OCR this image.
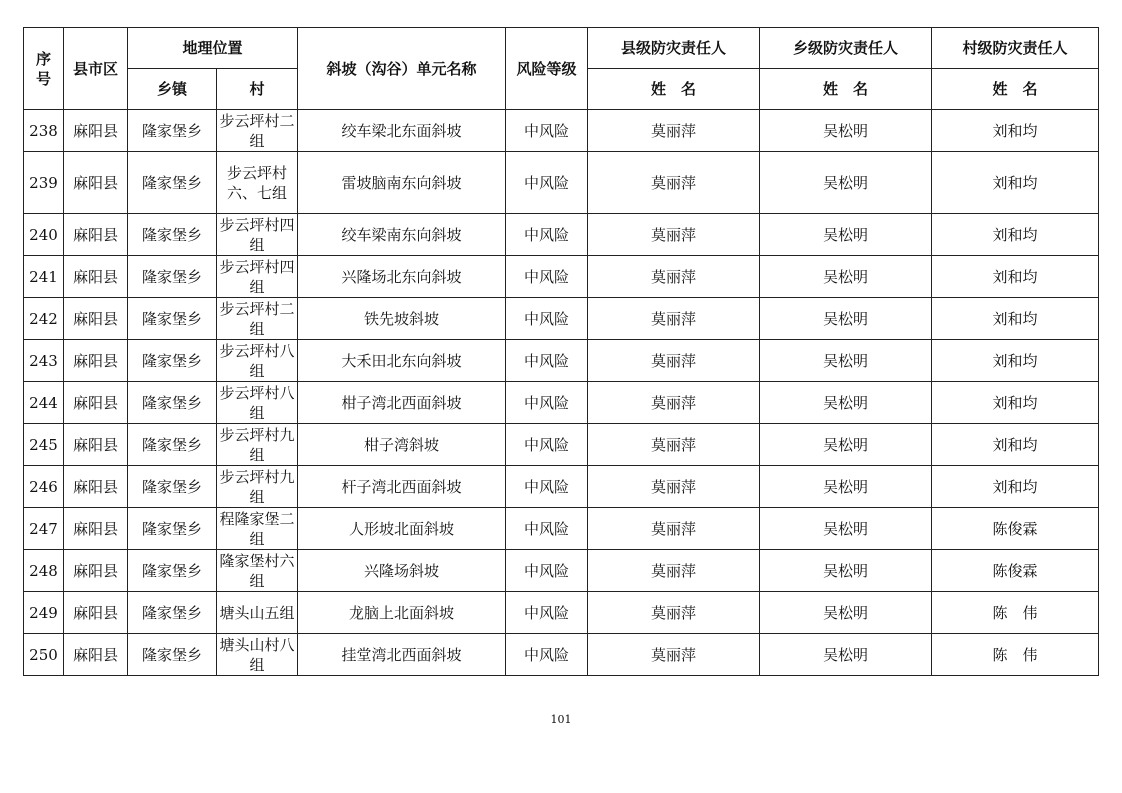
序号	县市区	地理位置		斜坡（沟谷）单元名称	风险等级	县级防灾责任人	乡级防灾责任人	村级防灾责任人
		乡镇	村			姓　名	姓　名	姓　名
238	麻阳县	隆家堡乡	步云坪村二组	绞车梁北东面斜坡	中风险	莫丽萍	吴松明	刘和均
239	麻阳县	隆家堡乡	步云坪村六、七组	雷坡脑南东向斜坡	中风险	莫丽萍	吴松明	刘和均
240	麻阳县	隆家堡乡	步云坪村四组	绞车梁南东向斜坡	中风险	莫丽萍	吴松明	刘和均
241	麻阳县	隆家堡乡	步云坪村四组	兴隆场北东向斜坡	中风险	莫丽萍	吴松明	刘和均
242	麻阳县	隆家堡乡	步云坪村二组	铁先坡斜坡	中风险	莫丽萍	吴松明	刘和均
243	麻阳县	隆家堡乡	步云坪村八组	大禾田北东向斜坡	中风险	莫丽萍	吴松明	刘和均
244	麻阳县	隆家堡乡	步云坪村八组	柑子湾北西面斜坡	中风险	莫丽萍	吴松明	刘和均
245	麻阳县	隆家堡乡	步云坪村九组	柑子湾斜坡	中风险	莫丽萍	吴松明	刘和均
246	麻阳县	隆家堡乡	步云坪村九组	杆子湾北西面斜坡	中风险	莫丽萍	吴松明	刘和均
247	麻阳县	隆家堡乡	程隆家堡二组	人形坡北面斜坡	中风险	莫丽萍	吴松明	陈俊霖
248	麻阳县	隆家堡乡	隆家堡村六组	兴隆场斜坡	中风险	莫丽萍	吴松明	陈俊霖
249	麻阳县	隆家堡乡	塘头山五组	龙脑上北面斜坡	中风险	莫丽萍	吴松明	陈　伟
250	麻阳县	隆家堡乡	塘头山村八组	挂堂湾北西面斜坡	中风险	莫丽萍	吴松明	陈　伟
101
